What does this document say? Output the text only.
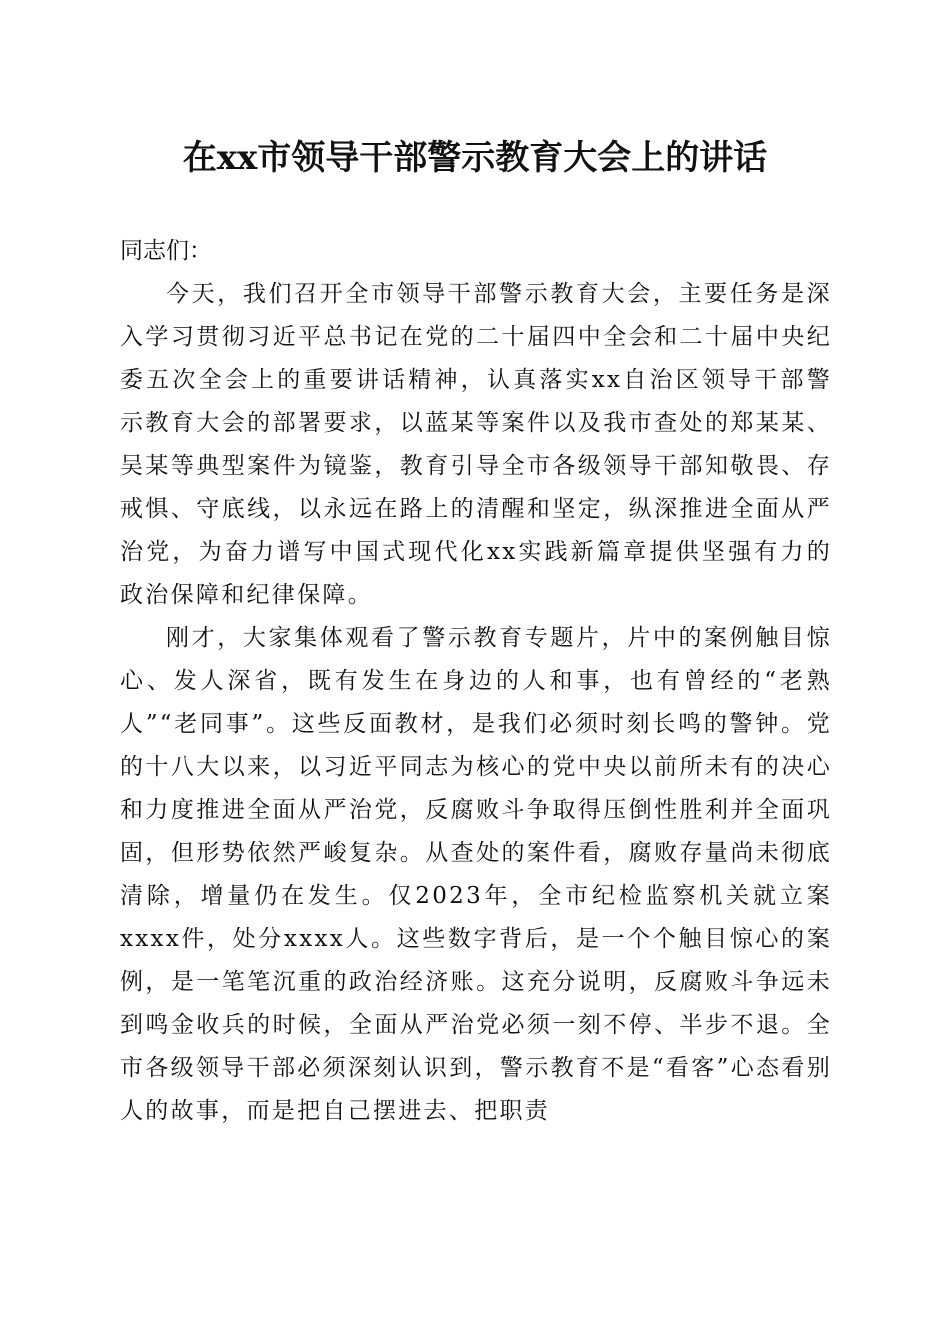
在xx市领导干部警示教育大会上的讲话

同志们：

今天，我们召开全市领导干部警示教育大会，主要任务是深入学习贯彻习近平总书记在党的二十届四中全会和二十届中央纪委五次全会上的重要讲话精神，认真落实xx自治区领导干部警示教育大会的部署要求，以蓝某等案件以及我市查处的郑某某、吴某等典型案件为镜鉴，教育引导全市各级领导干部知敬畏、存戒惧、守底线，以永远在路上的清醒和坚定，纵深推进全面从严治党，为奋力谱写中国式现代化xx实践新篇章提供坚强有力的政治保障和纪律保障。

刚才，大家集体观看了警示教育专题片，片中的案例触目惊心、发人深省，既有发生在身边的人和事，也有曾经的“老熟人”“老同事”。这些反面教材，是我们必须时刻长鸣的警钟。党的十八大以来，以习近平同志为核心的党中央以前所未有的决心和力度推进全面从严治党，反腐败斗争取得压倒性胜利并全面巩固，但形势依然严峻复杂。从查处的案件看，腐败存量尚未彻底清除，增量仍在发生。仅2023年，全市纪检监察机关就立案xxxx件，处分xxxx人。这些数字背后，是一个个触目惊心的案例，是一笔笔沉重的政治经济账。这充分说明，反腐败斗争远未到鸣金收兵的时候，全面从严治党必须一刻不停、半步不退。全市各级领导干部必须深刻认识到，警示教育不是“看客”心态看别人的故事，而是把自己摆进去、把职责
